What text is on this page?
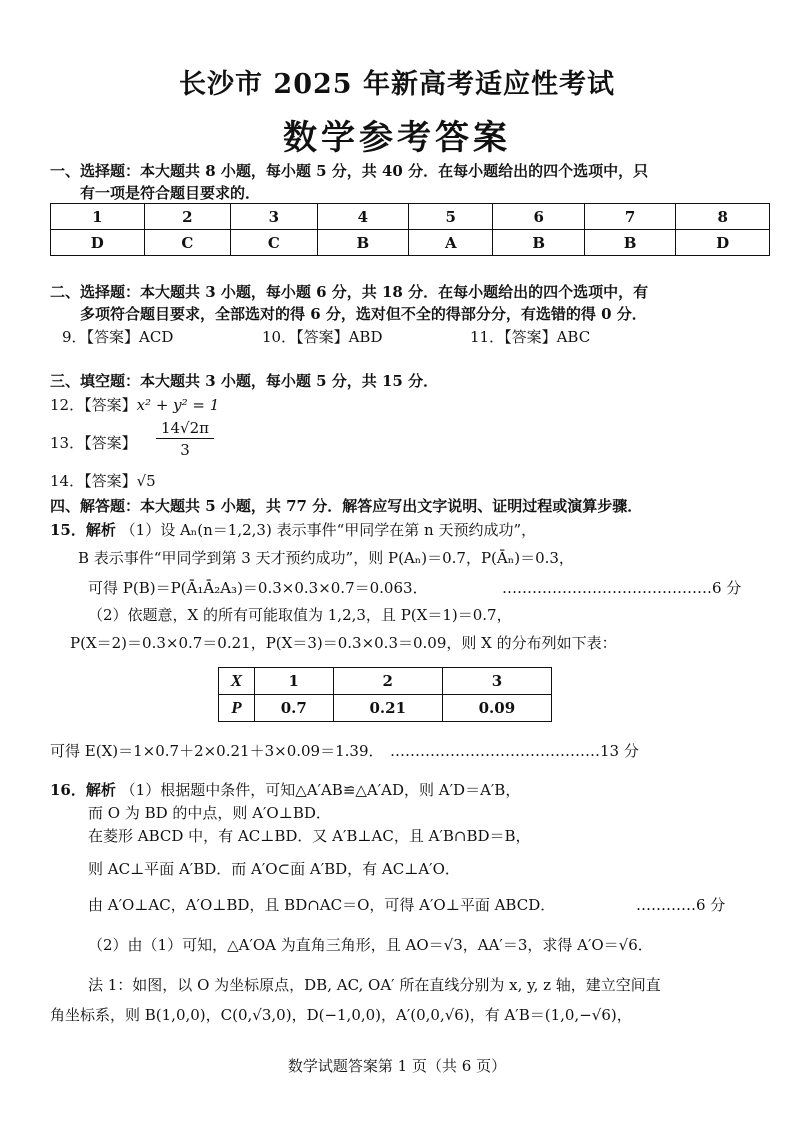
长沙市 2025 年新高考适应性考试
数学参考答案
一、选择题：本大题共 8 小题，每小题 5 分，共 40 分．在每小题给出的四个选项中，只
有一项是符合题目要求的．
1	2	3	4	5	6	7	8
D	C	C	B	A	B	B	D
二、选择题：本大题共 3 小题，每小题 6 分，共 18 分．在每小题给出的四个选项中，有
多项符合题目要求，全部选对的得 6 分，选对但不全的得部分分，有选错的得 0 分．
9．【答案】ACD	10．【答案】ABD	11．【答案】ABC
三、填空题：本大题共 3 小题，每小题 5 分，共 15 分．
12．【答案】x² + y² = 1
13．【答案】 $\frac{14√2\pi}{3}$
14．【答案】√5
四、解答题：本大题共 5 小题，共 77 分．解答应写出文字说明、证明过程或演算步骤．
15．解析 （1）设 Aₙ(n＝1,2,3) 表示事件“甲同学在第 n 天预约成功”，
B 表示事件“甲同学到第 3 天才预约成功”，则 P(Aₙ)＝0.7，P(Āₙ)＝0.3，
可得 P(B)＝P(Ā₁Ā₂A₃)＝0.3×0.3×0.7＝0.063．	……………………………………6 分
（2）依题意，X 的所有可能取值为 1,2,3，且 P(X＝1)＝0.7，
P(X＝2)＝0.3×0.7＝0.21，P(X＝3)＝0.3×0.3＝0.09，则 X 的分布列如下表：
X	1	2	3
P	0.7	0.21	0.09
可得 E(X)＝1×0.7＋2×0.21＋3×0.09＝1.39． ……………………………………13 分
16．解析 （1）根据题中条件，可知△A′AB≌△A′AD，则 A′D＝A′B，
而 O 为 BD 的中点，则 A′O⊥BD．
在菱形 ABCD 中，有 AC⊥BD．又 A′B⊥AC，且 A′B∩BD＝B，
则 AC⊥平面 A′BD．而 A′O⊂面 A′BD，有 AC⊥A′O．
由 A′O⊥AC，A′O⊥BD，且 BD∩AC＝O，可得 A′O⊥平面 ABCD．	…………6 分
（2）由（1）可知，△A′OA 为直角三角形，且 AO＝√3，AA′＝3，求得 A′O＝√6．
法 1：如图，以 O 为坐标原点，DB, AC, OA′ 所在直线分别为 x, y, z 轴，建立空间直
角坐标系，则 B(1,0,0)，C(0,√3,0)，D(−1,0,0)，A′(0,0,√6)，有 A′B＝(1,0,−√6)，
数学试题答案第 1 页（共 6 页）
